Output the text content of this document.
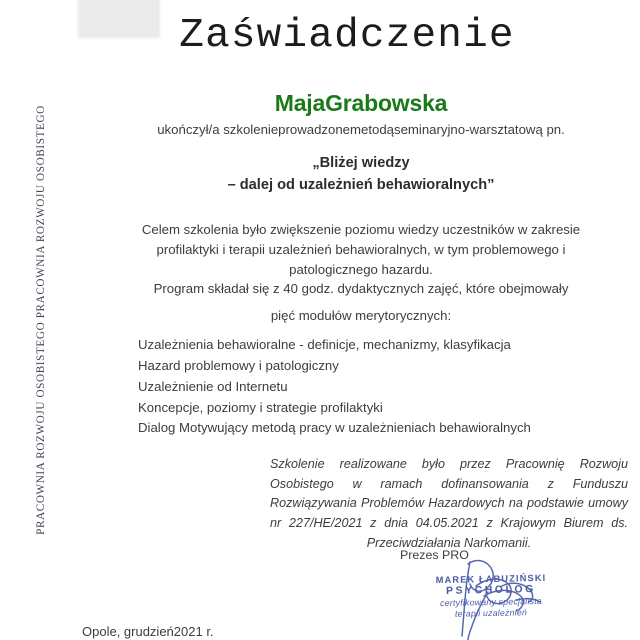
PRACOWNIA ROZWOJU OSOBISTEGO PRACOWNIA ROZWOJU OSOBISTEGO
Zaświadczenie
MajaGrabowska
ukończył/a szkolenieprowadzonemetodąseminaryjno-warsztatową pn.
„Bliżej wiedzy
– dalej od uzależnień behawioralnych”
Celem szkolenia było zwiększenie poziomu wiedzy uczestników w zakresie profilaktyki i terapii uzależnień behawioralnych, w tym problemowego i patologicznego hazardu.
Program składał się z 40 godz. dydaktycznych zajęć, które obejmowały
pięć modułów merytorycznych:
Uzależnienia behawioralne - definicje, mechanizmy, klasyfikacja
Hazard problemowy i patologiczny
Uzależnienie od Internetu
Koncepcje, poziomy i strategie profilaktyki
Dialog Motywujący metodą pracy w uzależnieniach behawioralnych
Szkolenie realizowane było przez Pracownię Rozwoju Osobistego w ramach dofinansowania z Funduszu Rozwiązywania Problemów Hazardowych na podstawie umowy nr 227/HE/2021 z dnia 04.05.2021 z Krajowym Biurem ds. Przeciwdziałania Narkomanii.
Prezes PRO
MAREK ŁABUZIŃSKI
PSYCHOLOG
certyfikowany specjalista
terapii uzależnień
Opole, grudzień2021 r.
